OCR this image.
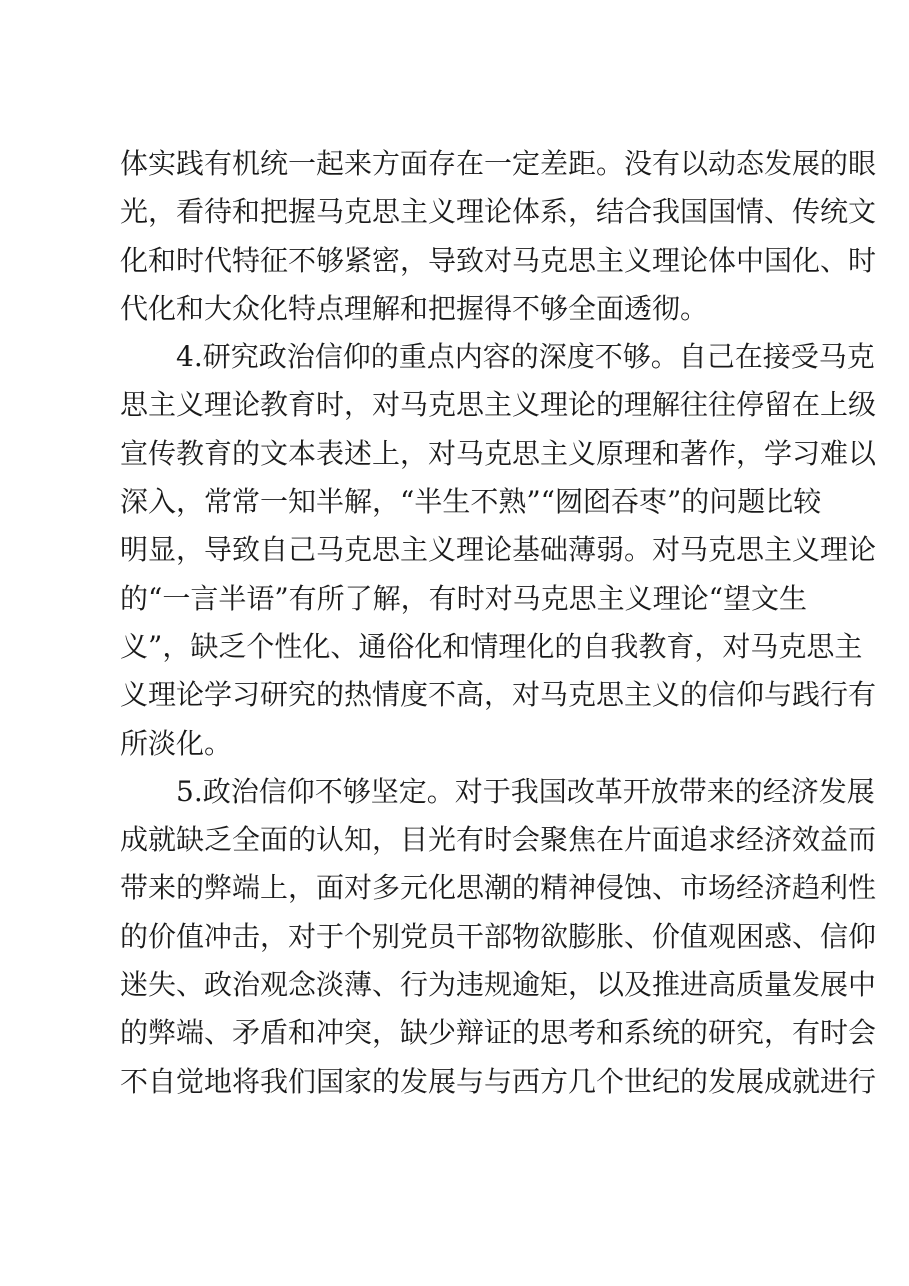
体实践有机统一起来方面存在一定差距。没有以动态发展的眼
光，看待和把握马克思主义理论体系，结合我国国情、传统文
化和时代特征不够紧密，导致对马克思主义理论体中国化、时
代化和大众化特点理解和把握得不够全面透彻。
4.研究政治信仰的重点内容的深度不够。自己在接受马克
思主义理论教育时，对马克思主义理论的理解往往停留在上级
宣传教育的文本表述上，对马克思主义原理和著作，学习难以
深入，常常一知半解，“半生不熟”“囫囵吞枣”的问题比较
明显，导致自己马克思主义理论基础薄弱。对马克思主义理论
的“一言半语”有所了解，有时对马克思主义理论“望文生
义”，缺乏个性化、通俗化和情理化的自我教育，对马克思主
义理论学习研究的热情度不高，对马克思主义的信仰与践行有
所淡化。
5.政治信仰不够坚定。对于我国改革开放带来的经济发展
成就缺乏全面的认知，目光有时会聚焦在片面追求经济效益而
带来的弊端上，面对多元化思潮的精神侵蚀、市场经济趋利性
的价值冲击，对于个别党员干部物欲膨胀、价值观困惑、信仰
迷失、政治观念淡薄、行为违规逾矩，以及推进高质量发展中
的弊端、矛盾和冲突，缺少辩证的思考和系统的研究，有时会
不自觉地将我们国家的发展与与西方几个世纪的发展成就进行
